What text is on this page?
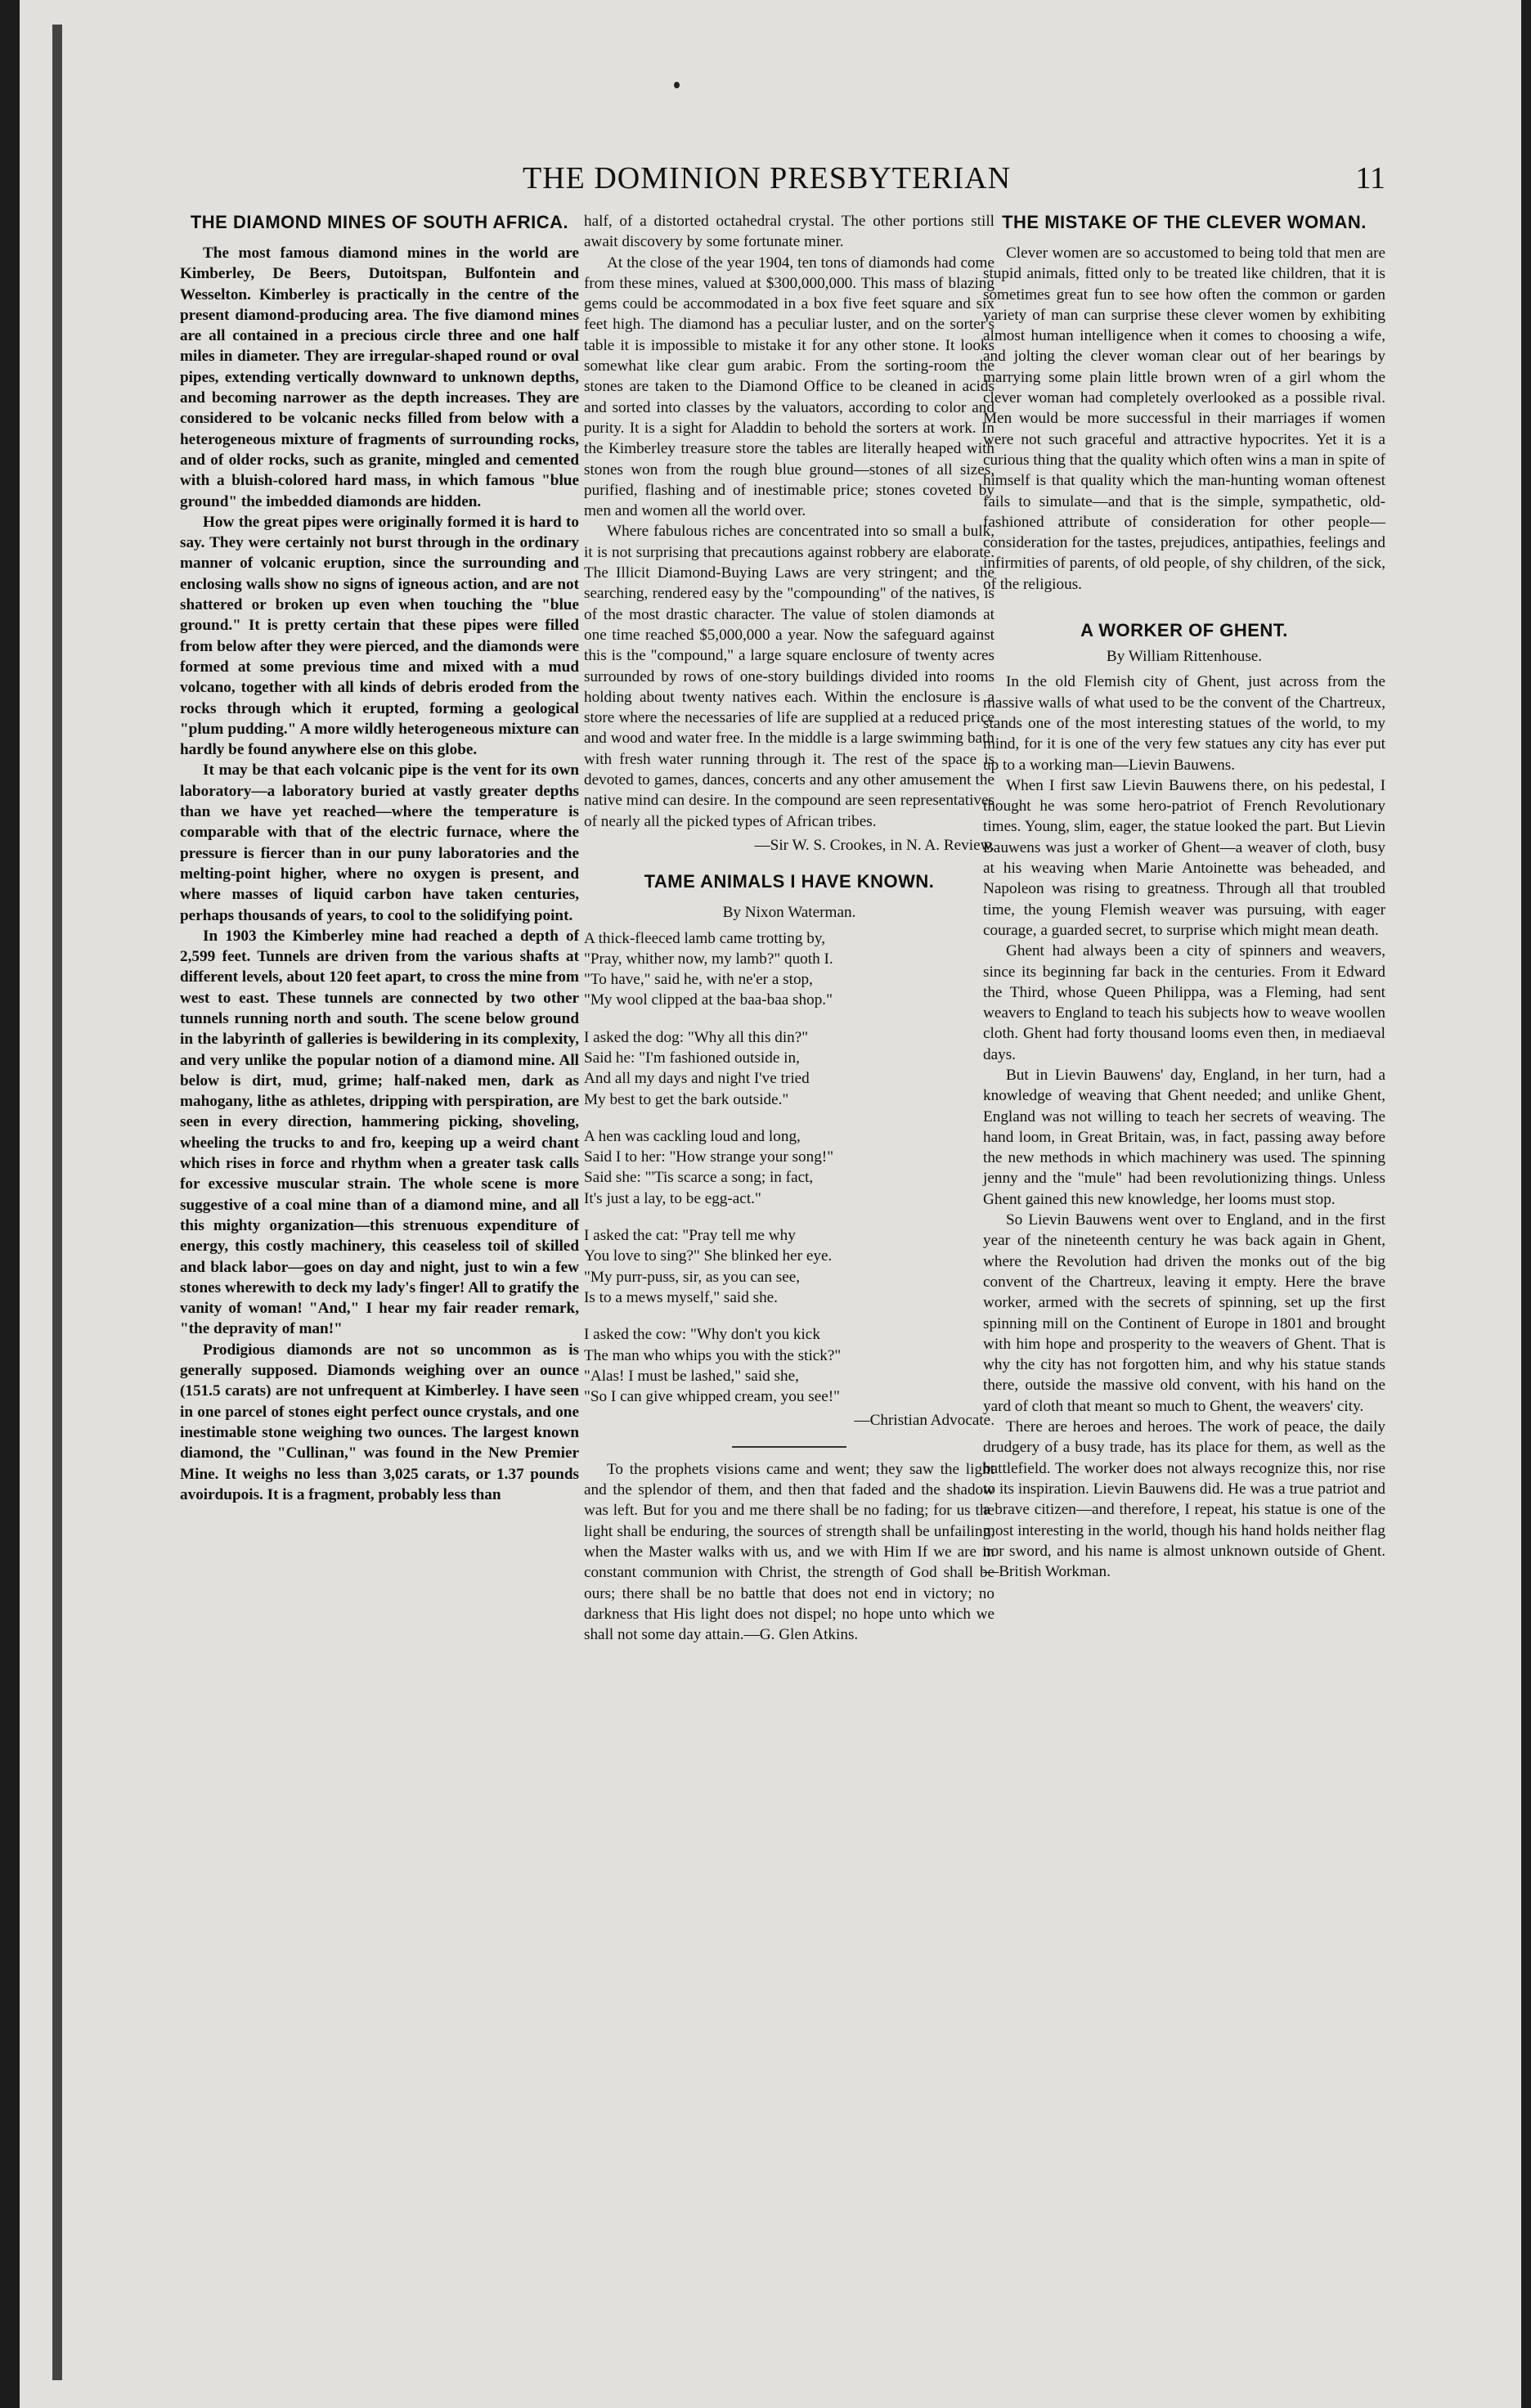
THE DOMINION PRESBYTERIAN	11
THE DIAMOND MINES OF SOUTH AFRICA.

The most famous diamond mines in the world are Kimberley, De Beers, Dutoitspan, Bulfontein and Wesselton. Kimberley is practically in the centre of the present diamond-producing area. The five diamond mines are all contained in a precious circle three and one half miles in diameter. They are irregular-shaped round or oval pipes, extending vertically downward to unknown depths, and becoming narrower as the depth increases. They are considered to be volcanic necks filled from below with a heterogeneous mixture of fragments of surrounding rocks, and of older rocks, such as granite, mingled and cemented with a bluish-colored hard mass, in which famous "blue ground" the imbedded diamonds are hidden.

How the great pipes were originally formed it is hard to say. They were certainly not burst through in the ordinary manner of volcanic eruption, since the surrounding and enclosing walls show no signs of igneous action, and are not shattered or broken up even when touching the "blue ground." It is pretty certain that these pipes were filled from below after they were pierced, and the diamonds were formed at some previous time and mixed with a mud volcano, together with all kinds of debris eroded from the rocks through which it erupted, forming a geological "plum pudding." A more wildly heterogeneous mixture can hardly be found anywhere else on this globe.

It may be that each volcanic pipe is the vent for its own laboratory—a laboratory buried at vastly greater depths than we have yet reached—where the temperature is comparable with that of the electric furnace, where the pressure is fiercer than in our puny laboratories and the melting-point higher, where no oxygen is present, and where masses of liquid carbon have taken centuries, perhaps thousands of years, to cool to the solidifying point.

In 1903 the Kimberley mine had reached a depth of 2,599 feet. Tunnels are driven from the various shafts at different levels, about 120 feet apart, to cross the mine from west to east. These tunnels are connected by two other tunnels running north and south. The scene below ground in the labyrinth of galleries is bewildering in its complexity, and very unlike the popular notion of a diamond mine. All below is dirt, mud, grime; half-naked men, dark as mahogany, lithe as athletes, dripping with perspiration, are seen in every direction, hammering picking, shoveling, wheeling the trucks to and fro, keeping up a weird chant which rises in force and rhythm when a greater task calls for excessive muscular strain. The whole scene is more suggestive of a coal mine than of a diamond mine, and all this mighty organization—this strenuous expenditure of energy, this costly machinery, this ceaseless toil of skilled and black labor—goes on day and night, just to win a few stones wherewith to deck my lady's finger! All to gratify the vanity of woman! "And," I hear my fair reader remark, "the depravity of man!"

Prodigious diamonds are not so uncommon as is generally supposed. Diamonds weighing over an ounce (151.5 carats) are not unfrequent at Kimberley. I have seen in one parcel of stones eight perfect ounce crystals, and one inestimable stone weighing two ounces. The largest known diamond, the "Cullinan," was found in the New Premier Mine. It weighs no less than 3,025 carats, or 1.37 pounds avoirdupois. It is a fragment, probably less than

half, of a distorted octahedral crystal. The other portions still await discovery by some fortunate miner.

At the close of the year 1904, ten tons of diamonds had come from these mines, valued at $300,000,000. This mass of blazing gems could be accommodated in a box five feet square and six feet high. The diamond has a peculiar luster, and on the sorter's table it is impossible to mistake it for any other stone. It looks somewhat like clear gum arabic. From the sorting-room the stones are taken to the Diamond Office to be cleaned in acids and sorted into classes by the valuators, according to color and purity. It is a sight for Aladdin to behold the sorters at work. In the Kimberley treasure store the tables are literally heaped with stones won from the rough blue ground—stones of all sizes, purified, flashing and of inestimable price; stones coveted by men and women all the world over.

Where fabulous riches are concentrated into so small a bulk, it is not surprising that precautions against robbery are elaborate. The Illicit Diamond-Buying Laws are very stringent; and the searching, rendered easy by the "compounding" of the natives, is of the most drastic character. The value of stolen diamonds at one time reached $5,000,000 a year. Now the safeguard against this is the "compound," a large square enclosure of twenty acres surrounded by rows of one-story buildings divided into rooms holding about twenty natives each. Within the enclosure is a store where the necessaries of life are supplied at a reduced price and wood and water free. In the middle is a large swimming bath with fresh water running through it. The rest of the space is devoted to games, dances, concerts and any other amusement the native mind can desire. In the compound are seen representatives of nearly all the picked types of African tribes.

—Sir W. S. Crookes, in N. A. Review.

TAME ANIMALS I HAVE KNOWN.
By Nixon Waterman.
A thick-fleeced lamb came trotting by,
"Pray, whither now, my lamb?" quoth I.
"To have," said he, with ne'er a stop,
"My wool clipped at the baa-baa shop."
I asked the dog: "Why all this din?"
Said he: "I'm fashioned outside in,
And all my days and night I've tried
My best to get the bark outside."
A hen was cackling loud and long,
Said I to her: "How strange your song!"
Said she: "'Tis scarce a song; in fact,
It's just a lay, to be egg-act."
I asked the cat: "Pray tell me why
You love to sing?" She blinked her eye.
"My purr-puss, sir, as you can see,
Is to a mews myself," said she.
I asked the cow: "Why don't you kick
The man who whips you with the stick?"
"Alas! I must be lashed," said she,
"So I can give whipped cream, you see!"

—Christian Advocate.

To the prophets visions came and went; they saw the light and the splendor of them, and then that faded and the shadow was left. But for you and me there shall be no fading; for us the light shall be enduring, the sources of strength shall be unfailing, when the Master walks with us, and we with Him If we are in constant communion with Christ, the strength of God shall be ours; there shall be no battle that does not end in victory; no darkness that His light does not dispel; no hope unto which we shall not some day attain.—G. Glen Atkins.

THE MISTAKE OF THE CLEVER WOMAN.

Clever women are so accustomed to being told that men are stupid animals, fitted only to be treated like children, that it is sometimes great fun to see how often the common or garden variety of man can surprise these clever women by exhibiting almost human intelligence when it comes to choosing a wife, and jolting the clever woman clear out of her bearings by marrying some plain little brown wren of a girl whom the clever woman had completely overlooked as a possible rival. Men would be more successful in their marriages if women were not such graceful and attractive hypocrites. Yet it is a curious thing that the quality which often wins a man in spite of himself is that quality which the man-hunting woman oftenest fails to simulate—and that is the simple, sympathetic, old-fashioned attribute of consideration for other people—consideration for the tastes, prejudices, antipathies, feelings and infirmities of parents, of old people, of shy children, of the sick, of the religious.

A WORKER OF GHENT.
By William Rittenhouse.

In the old Flemish city of Ghent, just across from the massive walls of what used to be the convent of the Chartreux, stands one of the most interesting statues of the world, to my mind, for it is one of the very few statues any city has ever put up to a working man—Lievin Bauwens.

When I first saw Lievin Bauwens there, on his pedestal, I thought he was some hero-patriot of French Revolutionary times. Young, slim, eager, the statue looked the part. But Lievin Bauwens was just a worker of Ghent—a weaver of cloth, busy at his weaving when Marie Antoinette was beheaded, and Napoleon was rising to greatness. Through all that troubled time, the young Flemish weaver was pursuing, with eager courage, a guarded secret, to surprise which might mean death.

Ghent had always been a city of spinners and weavers, since its beginning far back in the centuries. From it Edward the Third, whose Queen Philippa, was a Fleming, had sent weavers to England to teach his subjects how to weave woollen cloth. Ghent had forty thousand looms even then, in mediaeval days.

But in Lievin Bauwens' day, England, in her turn, had a knowledge of weaving that Ghent needed; and unlike Ghent, England was not willing to teach her secrets of weaving. The hand loom, in Great Britain, was, in fact, passing away before the new methods in which machinery was used. The spinning jenny and the "mule" had been revolutionizing things. Unless Ghent gained this new knowledge, her looms must stop.

So Lievin Bauwens went over to England, and in the first year of the nineteenth century he was back again in Ghent, where the Revolution had driven the monks out of the big convent of the Chartreux, leaving it empty. Here the brave worker, armed with the secrets of spinning, set up the first spinning mill on the Continent of Europe in 1801 and brought with him hope and prosperity to the weavers of Ghent. That is why the city has not forgotten him, and why his statue stands there, outside the massive old convent, with his hand on the yard of cloth that meant so much to Ghent, the weavers' city.

There are heroes and heroes. The work of peace, the daily drudgery of a busy trade, has its place for them, as well as the battlefield. The worker does not always recognize this, nor rise to its inspiration. Lievin Bauwens did. He was a true patriot and a brave citizen—and therefore, I repeat, his statue is one of the most interesting in the world, though his hand holds neither flag nor sword, and his name is almost unknown outside of Ghent.—British Workman.
